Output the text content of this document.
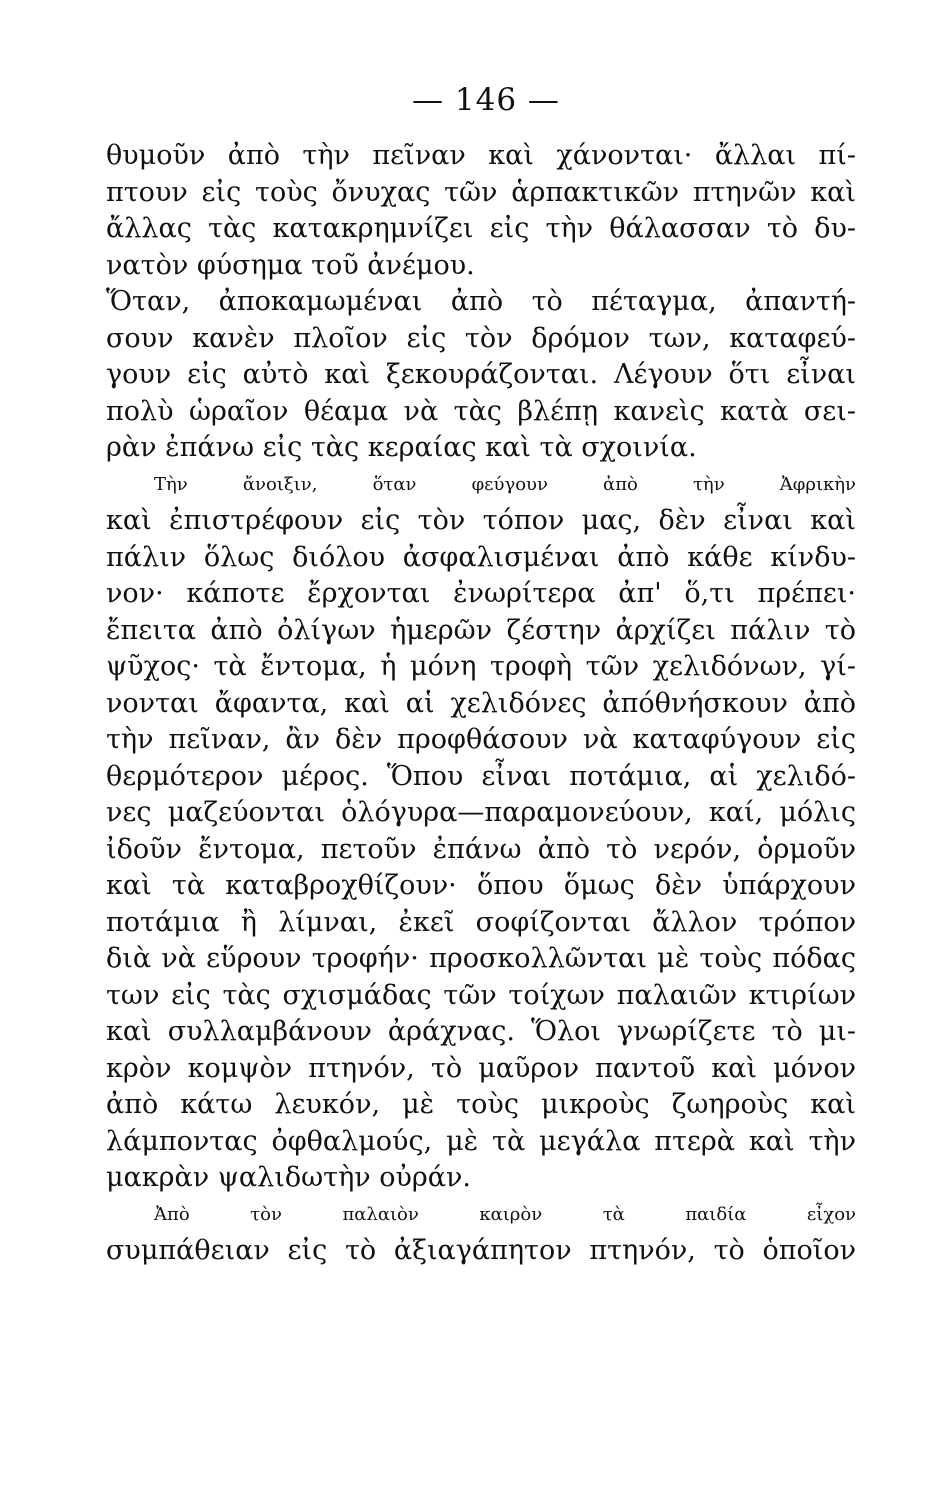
— 146 —
θυμοῦν ἀπὸ τὴν πεῖναν καὶ χάνονται· ἄλλαι πί-
πτουν εἰς τοὺς ὄνυχας τῶν ἁρπακτικῶν πτηνῶν καὶ
ἄλλας τὰς κατακρημνίζει εἰς τὴν θάλασσαν τὸ δυ-
νατὸν φύσημα τοῦ ἀνέμου.
Ὅταν, ἀποκαμωμέναι ἀπὸ τὸ πέταγμα, ἀπαντή-
σουν κανὲν πλοῖον εἰς τὸν δρόμον των, καταφεύ-
γουν εἰς αὐτὸ καὶ ξεκουράζονται. Λέγουν ὅτι εἶναι
πολὺ ὡραῖον θέαμα νὰ τὰς βλέπῃ κανεὶς κατὰ σει-
ρὰν ἐπάνω εἰς τὰς κεραίας καὶ τὰ σχοινία.
Τὴν ἄνοιξιν, ὅταν φεύγουν ἀπὸ τὴν Ἀφρικὴν
καὶ ἐπιστρέφουν εἰς τὸν τόπον μας, δὲν εἶναι καὶ
πάλιν ὅλως διόλου ἀσφαλισμέναι ἀπὸ κάθε κίνδυ-
νον· κάποτε ἔρχονται ἐνωρίτερα ἀπ' ὅ,τι πρέπει·
ἔπειτα ἀπὸ ὀλίγων ἡμερῶν ζέστην ἀρχίζει πάλιν τὸ
ψῦχος· τὰ ἔντομα, ἡ μόνη τροφὴ τῶν χελιδόνων, γί-
νονται ἄφαντα, καὶ αἱ χελιδόνες ἀπόθνήσκουν ἀπὸ
τὴν πεῖναν, ἂν δὲν προφθάσουν νὰ καταφύγουν εἰς
θερμότερον μέρος. Ὅπου εἶναι ποτάμια, αἱ χελιδό-
νες μαζεύονται ὁλόγυρα—παραμονεύουν, καί, μόλις
ἰδοῦν ἔντομα, πετοῦν ἐπάνω ἀπὸ τὸ νερόν, ὁρμοῦν
καὶ τὰ καταβροχθίζουν· ὅπου ὅμως δὲν ὑπάρχουν
ποτάμια ἢ λίμναι, ἐκεῖ σοφίζονται ἄλλον τρόπον
διὰ νὰ εὕρουν τροφήν· προσκολλῶνται μὲ τοὺς πόδας
των εἰς τὰς σχισμάδας τῶν τοίχων παλαιῶν κτιρίων
καὶ συλλαμβάνουν ἀράχνας. Ὅλοι γνωρίζετε τὸ μι-
κρὸν κομψὸν πτηνόν, τὸ μαῦρον παντοῦ καὶ μόνον
ἀπὸ κάτω λευκόν, μὲ τοὺς μικροὺς ζωηροὺς καὶ
λάμποντας ὀφθαλμούς, μὲ τὰ μεγάλα πτερὰ καὶ τὴν
μακρὰν ψαλιδωτὴν οὐράν.
Ἀπὸ τὸν παλαιὸν καιρὸν τὰ παιδία εἶχον
συμπάθειαν εἰς τὸ ἀξιαγάπητον πτηνόν, τὸ ὁποῖον
